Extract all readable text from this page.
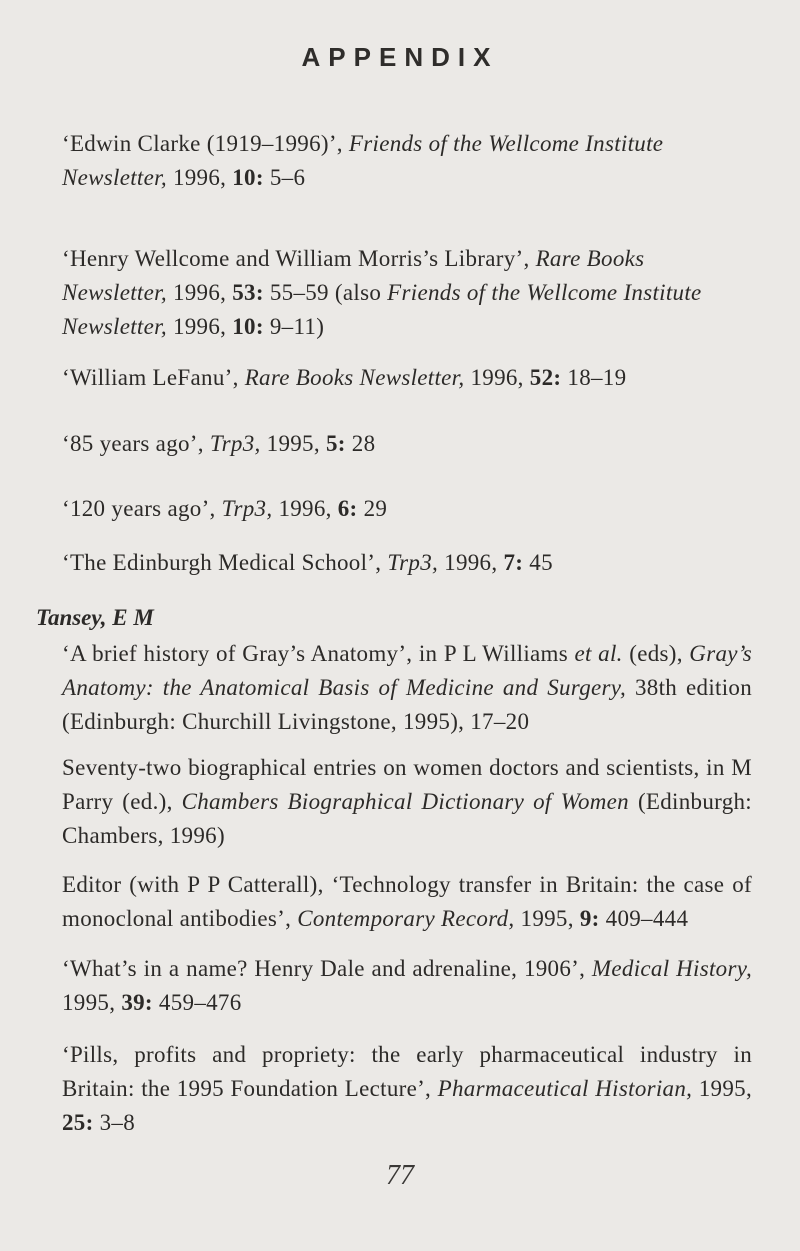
APPENDIX
‘Edwin Clarke (1919–1996)’, Friends of the Wellcome Institute Newsletter, 1996, 10: 5–6
‘Henry Wellcome and William Morris’s Library’, Rare Books Newsletter, 1996, 53: 55–59 (also Friends of the Wellcome Institute Newsletter, 1996, 10: 9–11)
‘William LeFanu’, Rare Books Newsletter, 1996, 52: 18–19
‘85 years ago’, Trp3, 1995, 5: 28
‘120 years ago’, Trp3, 1996, 6: 29
‘The Edinburgh Medical School’, Trp3, 1996, 7: 45
Tansey, E M
‘A brief history of Gray’s Anatomy’, in P L Williams et al. (eds), Gray’s Anatomy: the Anatomical Basis of Medicine and Surgery, 38th edition (Edinburgh: Churchill Livingstone, 1995), 17–20
Seventy-two biographical entries on women doctors and scientists, in M Parry (ed.), Chambers Biographical Dictionary of Women (Edinburgh: Chambers, 1996)
Editor (with P P Catterall), ‘Technology transfer in Britain: the case of monoclonal antibodies’, Contemporary Record, 1995, 9: 409–444
‘What’s in a name? Henry Dale and adrenaline, 1906’, Medical History, 1995, 39: 459–476
‘Pills, profits and propriety: the early pharmaceutical industry in Britain: the 1995 Foundation Lecture’, Pharmaceutical Historian, 1995, 25: 3–8
77
